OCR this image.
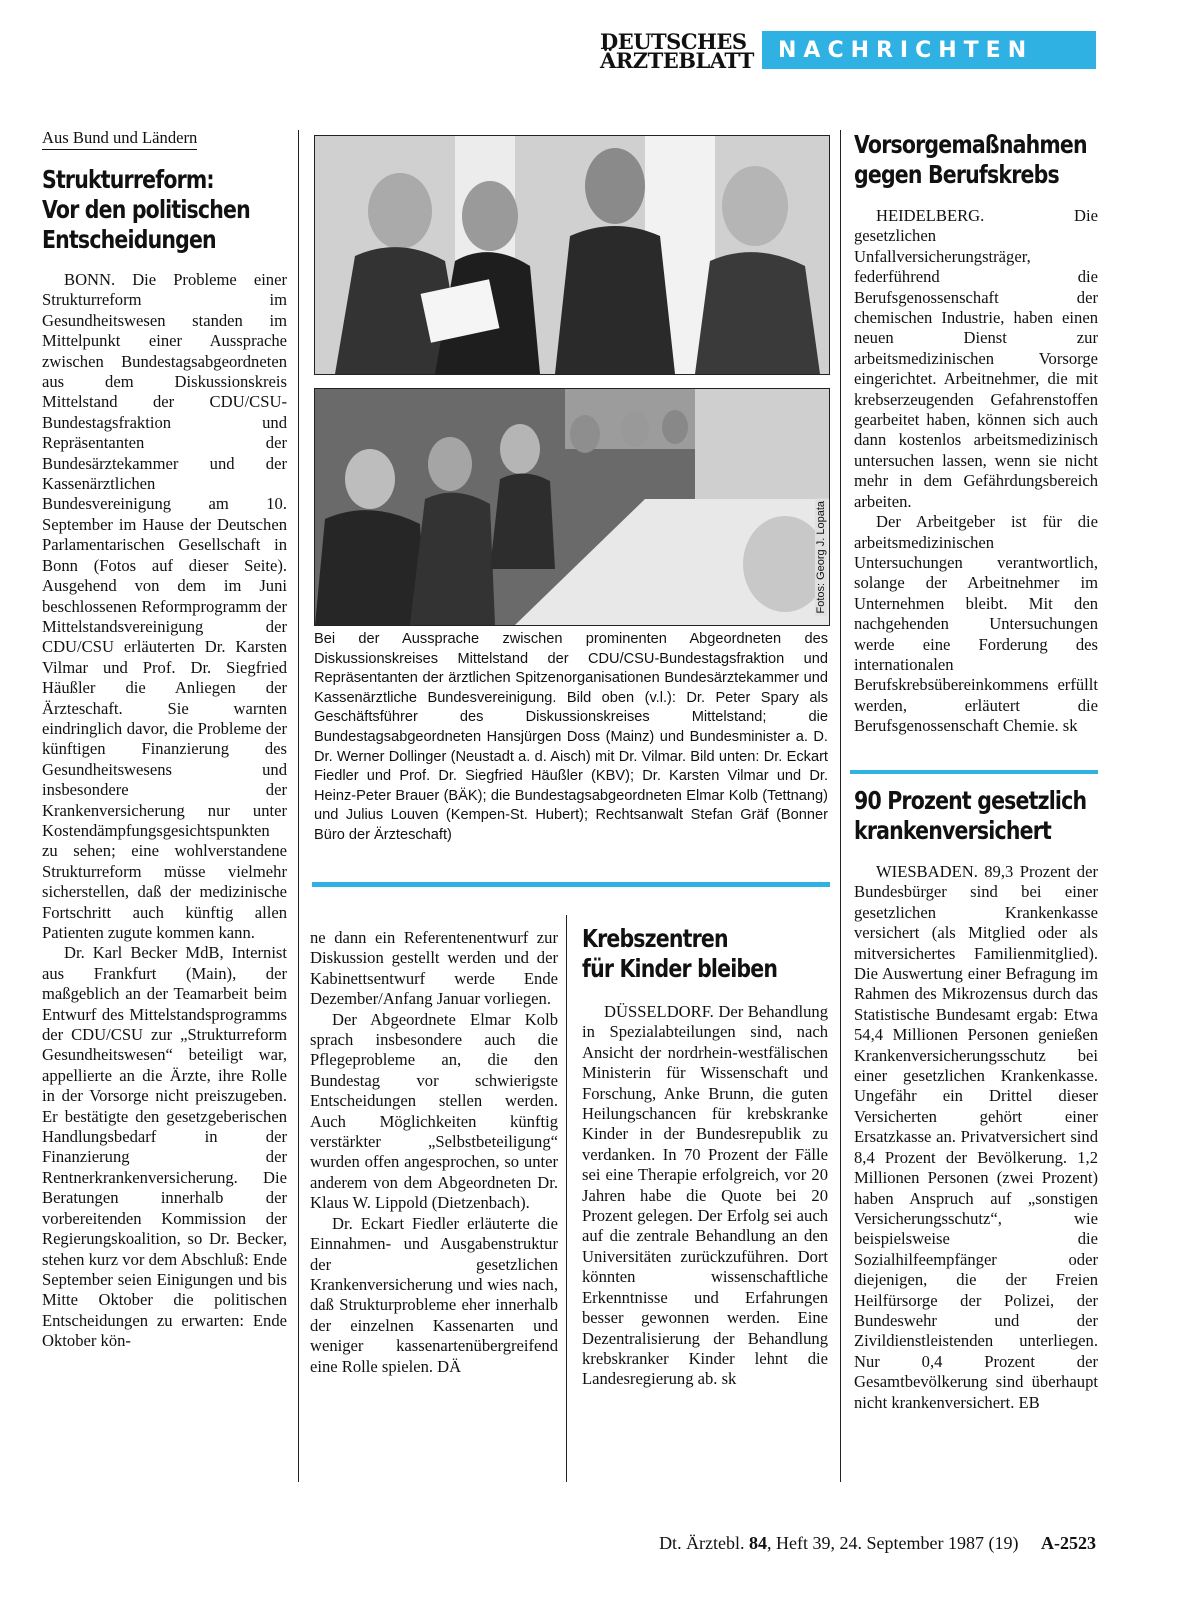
DEUTSCHES
ÄRZTEBLATT NACHRICHTEN
Aus Bund und Ländern
Strukturreform:
Vor den politischen
Entscheidungen

BONN. Die Probleme einer Strukturreform im Gesundheitswesen standen im Mittelpunkt einer Aussprache zwischen Bundestagsabgeordneten aus dem Diskussionskreis Mittelstand der CDU/CSU-Bundestagsfraktion und Repräsentanten der Bundesärztekammer und der Kassenärztlichen Bundesvereinigung am 10. September im Hause der Deutschen Parlamentarischen Gesellschaft in Bonn (Fotos auf dieser Seite). Ausgehend von dem im Juni beschlossenen Reformprogramm der Mittelstandsvereinigung der CDU/CSU erläuterten Dr. Karsten Vilmar und Prof. Dr. Siegfried Häußler die Anliegen der Ärzteschaft. Sie warnten eindringlich davor, die Probleme der künftigen Finanzierung des Gesundheitswesens und insbesondere der Krankenversicherung nur unter Kostendämpfungsgesichtspunkten zu sehen; eine wohlverstandene Strukturreform müsse vielmehr sicherstellen, daß der medizinische Fortschritt auch künftig allen Patienten zugute kommen kann.

Dr. Karl Becker MdB, Internist aus Frankfurt (Main), der maßgeblich an der Teamarbeit beim Entwurf des Mittelstandsprogramms der CDU/CSU zur „Strukturreform Gesundheitswesen“ beteiligt war, appellierte an die Ärzte, ihre Rolle in der Vorsorge nicht preiszugeben. Er bestätigte den gesetzgeberischen Handlungsbedarf in der Finanzierung der Rentnerkrankenversicherung. Die Beratungen innerhalb der vorbereitenden Kommission der Regierungskoalition, so Dr. Becker, stehen kurz vor dem Abschluß: Ende September seien Einigungen und bis Mitte Oktober die politischen Entscheidungen zu erwarten: Ende Oktober kön-

Fotos: Georg J. Lopata
Bei der Aussprache zwischen prominenten Abgeordneten des Diskussionskreises Mittelstand der CDU/CSU-Bundestagsfraktion und Repräsentanten der ärztlichen Spitzenorganisationen Bundesärztekammer und Kassenärztliche Bundesvereinigung. Bild oben (v.l.): Dr. Peter Spary als Geschäftsführer des Diskussionskreises Mittelstand; die Bundestagsabgeordneten Hansjürgen Doss (Mainz) und Bundesminister a. D. Dr. Werner Dollinger (Neustadt a. d. Aisch) mit Dr. Vilmar. Bild unten: Dr. Eckart Fiedler und Prof. Dr. Siegfried Häußler (KBV); Dr. Karsten Vilmar und Dr. Heinz-Peter Brauer (BÄK); die Bundestagsabgeordneten Elmar Kolb (Tettnang) und Julius Louven (Kempen-St. Hubert); Rechtsanwalt Stefan Gräf (Bonner Büro der Ärzteschaft)

ne dann ein Referentenentwurf zur Diskussion gestellt werden und der Kabinettsentwurf werde Ende Dezember/Anfang Januar vorliegen.

Der Abgeordnete Elmar Kolb sprach insbesondere auch die Pflegeprobleme an, die den Bundestag vor schwierigste Entscheidungen stellen werden. Auch Möglichkeiten künftig verstärkter „Selbstbeteiligung“ wurden offen angesprochen, so unter anderem von dem Abgeordneten Dr. Klaus W. Lippold (Dietzenbach).

Dr. Eckart Fiedler erläuterte die Einnahmen- und Ausgabenstruktur der gesetzlichen Krankenversicherung und wies nach, daß Strukturprobleme eher innerhalb der einzelnen Kassenarten und weniger kassenartenübergreifend eine Rolle spielen. DÄ

Krebszentren
für Kinder bleiben

DÜSSELDORF. Der Behandlung in Spezialabteilungen sind, nach Ansicht der nordrhein-westfälischen Ministerin für Wissenschaft und Forschung, Anke Brunn, die guten Heilungschancen für krebskranke Kinder in der Bundesrepublik zu verdanken. In 70 Prozent der Fälle sei eine Therapie erfolgreich, vor 20 Jahren habe die Quote bei 20 Prozent gelegen. Der Erfolg sei auch auf die zentrale Behandlung an den Universitäten zurückzuführen. Dort könnten wissenschaftliche Erkenntnisse und Erfahrungen besser gewonnen werden. Eine Dezentralisierung der Behandlung krebskranker Kinder lehnt die Landesregierung ab. sk

Vorsorgemaßnahmen
gegen Berufskrebs

HEIDELBERG. Die gesetzlichen Unfallversicherungsträger, federführend die Berufsgenossenschaft der chemischen Industrie, haben einen neuen Dienst zur arbeitsmedizinischen Vorsorge eingerichtet. Arbeitnehmer, die mit krebserzeugenden Gefahrenstoffen gearbeitet haben, können sich auch dann kostenlos arbeitsmedizinisch untersuchen lassen, wenn sie nicht mehr in dem Gefährdungsbereich arbeiten.

Der Arbeitgeber ist für die arbeitsmedizinischen Untersuchungen verantwortlich, solange der Arbeitnehmer im Unternehmen bleibt. Mit den nachgehenden Untersuchungen werde eine Forderung des internationalen Berufskrebsübereinkommens erfüllt werden, erläutert die Berufsgenossenschaft Chemie. sk

90 Prozent gesetzlich
krankenversichert

WIESBADEN. 89,3 Prozent der Bundesbürger sind bei einer gesetzlichen Krankenkasse versichert (als Mitglied oder als mitversichertes Familienmitglied). Die Auswertung einer Befragung im Rahmen des Mikrozensus durch das Statistische Bundesamt ergab: Etwa 54,4 Millionen Personen genießen Krankenversicherungsschutz bei einer gesetzlichen Krankenkasse. Ungefähr ein Drittel dieser Versicherten gehört einer Ersatzkasse an. Privatversichert sind 8,4 Prozent der Bevölkerung. 1,2 Millionen Personen (zwei Prozent) haben Anspruch auf „sonstigen Versicherungsschutz“, wie beispielsweise die Sozialhilfeempfänger oder diejenigen, die der Freien Heilfürsorge der Polizei, der Bundeswehr und der Zivildienstleistenden unterliegen. Nur 0,4 Prozent der Gesamtbevölkerung sind überhaupt nicht krankenversichert. EB

Dt. Ärztebl. 84, Heft 39, 24. September 1987 (19) A-2523
